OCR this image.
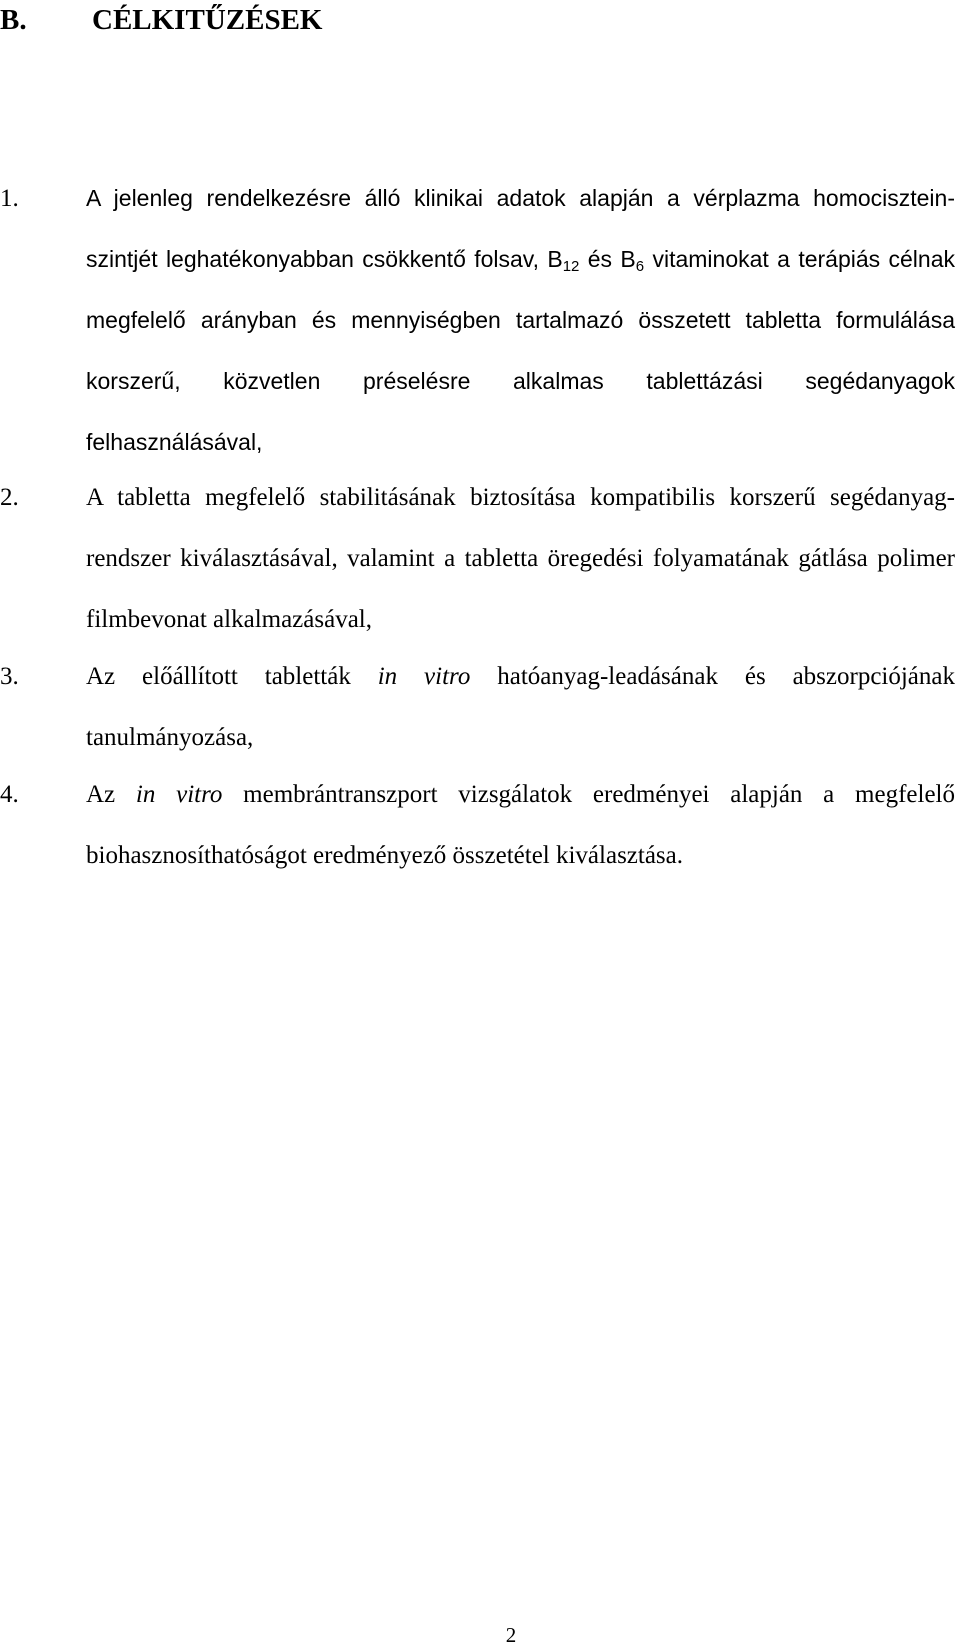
B. CÉLKITŰZÉSEK
1.	A jelenleg rendelkezésre álló klinikai adatok alapján a vérplazma homocisztein-szintjét leghatékonyabban csökkentő folsav, $B_{12}$ és $B_6$ vitaminokat a terápiás célnak megfelelő arányban és mennyiségben tartalmazó összetett tabletta formulálása korszerű, közvetlen préselésre alkalmas tablettázási segédanyagok felhasználásával,

2.	A tabletta megfelelő stabilitásának biztosítása kompatibilis korszerű segédanyag-rendszer kiválasztásával, valamint a tabletta öregedési folyamatának gátlása polimer filmbevonat alkalmazásával,

3.	Az előállított tabletták in vitro hatóanyag-leadásának és abszorpciójának tanulmányozása,

4.	Az in vitro membrántranszport vizsgálatok eredményei alapján a megfelelő biohasznosíthatóságot eredményező összetétel kiválasztása.

2
